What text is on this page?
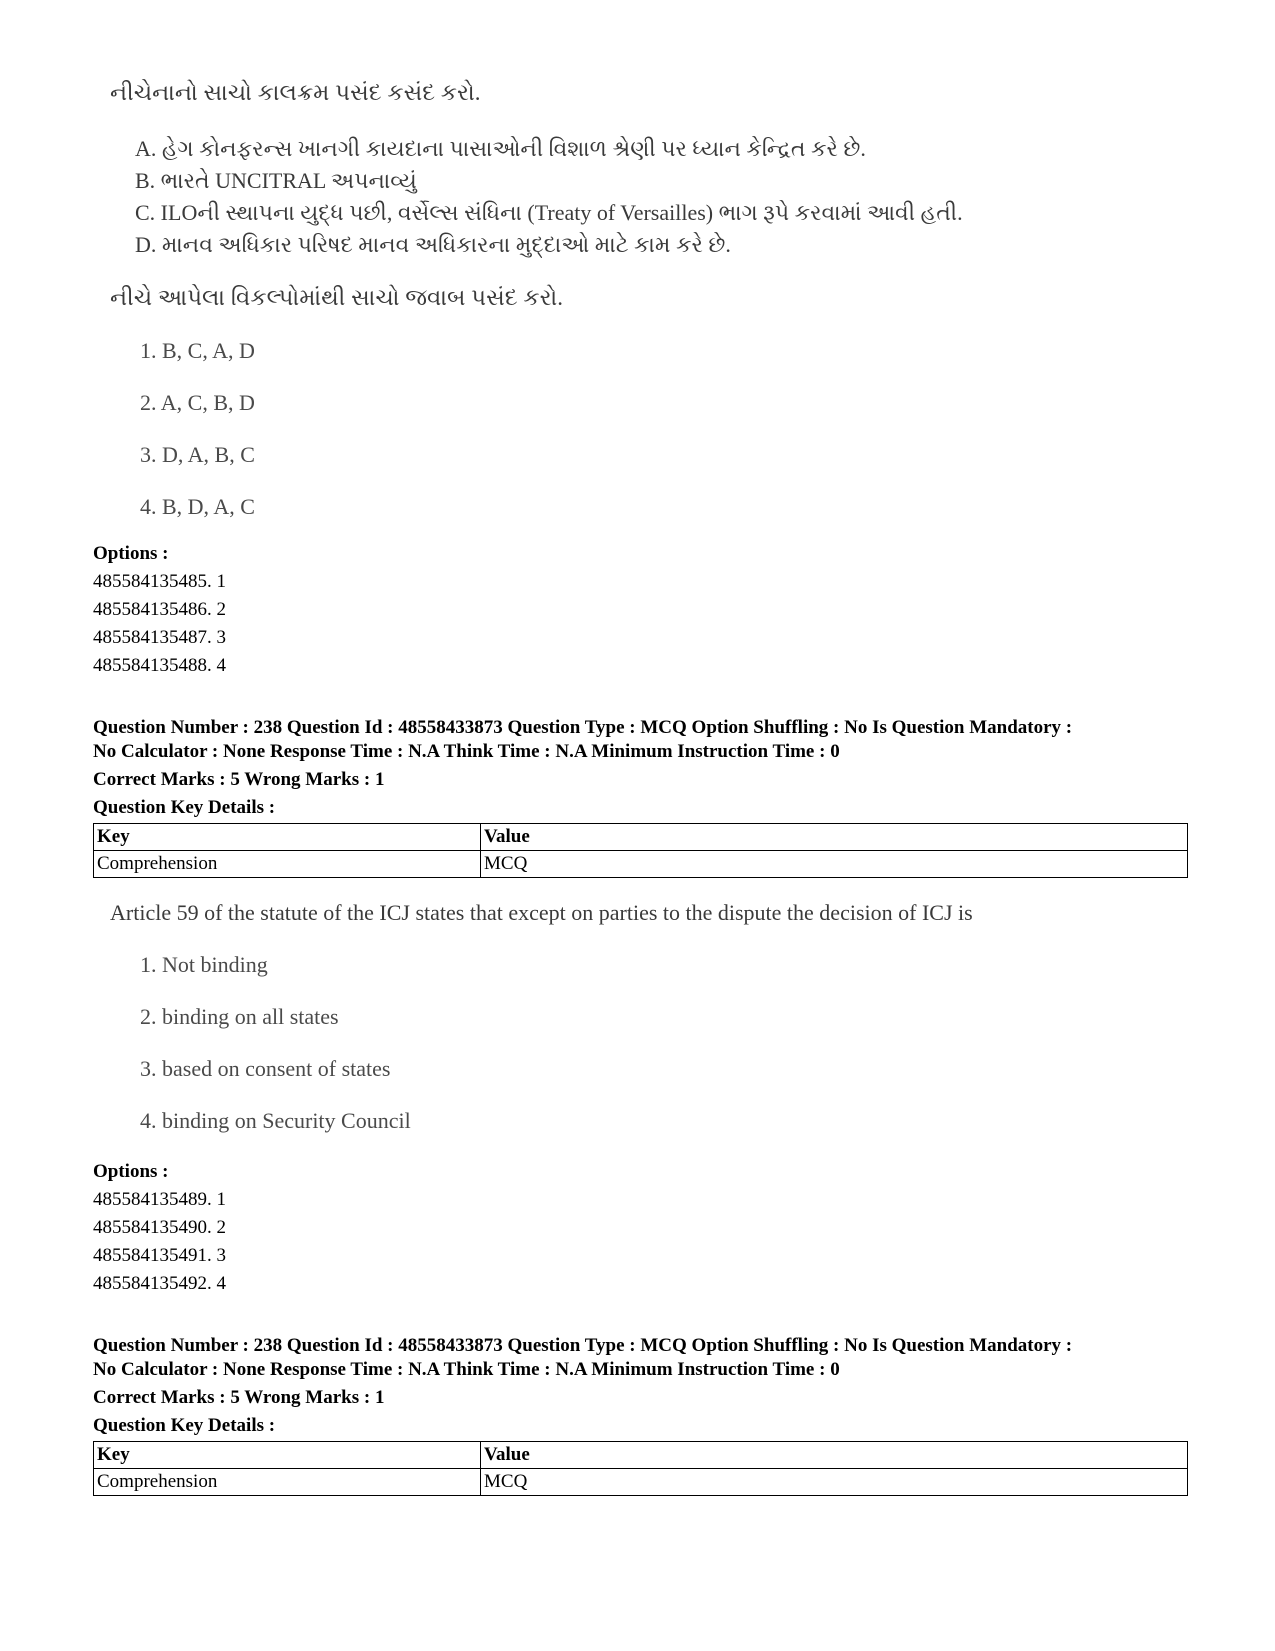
નીચેનાનો સાચો કાલક્રમ પસંદ કસંદ કરો.
A. હેગ કોનફરન્સ ખાનગી કાયદાના પાસાઓની વિશાળ શ્રેણી પર ધ્યાન કેન્દ્રિત કરે છે.
B. ભારતે UNCITRAL અપનાવ્યું
C. ILOની સ્થાપના યુદ્ધ પછી, વર્સેલ્સ સંધિના (Treaty of Versailles) ભાગ રૂપે કરવામાં આવી હતી.
D. માનવ અધિકાર પરિષદ માનવ અધિકારના મુદ્દાઓ માટે કામ કરે છે.
નીચે આપેલા વિકલ્પોમાંથી સાચો જવાબ પસંદ કરો.
1. B, C, A, D
2. A, C, B, D
3. D, A, B, C
4. B, D, A, C
Options :
485584135485. 1
485584135486. 2
485584135487. 3
485584135488. 4
Question Number : 238 Question Id : 48558433873 Question Type : MCQ Option Shuffling : No Is Question Mandatory :
No Calculator : None Response Time : N.A Think Time : N.A Minimum Instruction Time : 0
Correct Marks : 5 Wrong Marks : 1
Question Key Details :
Key	Value
Comprehension	MCQ
Article 59 of the statute of the ICJ states that except on parties to the dispute the decision of ICJ is
1. Not binding
2. binding on all states
3. based on consent of states
4. binding on Security Council
Options :
485584135489. 1
485584135490. 2
485584135491. 3
485584135492. 4
Question Number : 238 Question Id : 48558433873 Question Type : MCQ Option Shuffling : No Is Question Mandatory :
No Calculator : None Response Time : N.A Think Time : N.A Minimum Instruction Time : 0
Correct Marks : 5 Wrong Marks : 1
Question Key Details :
Key	Value
Comprehension	MCQ
